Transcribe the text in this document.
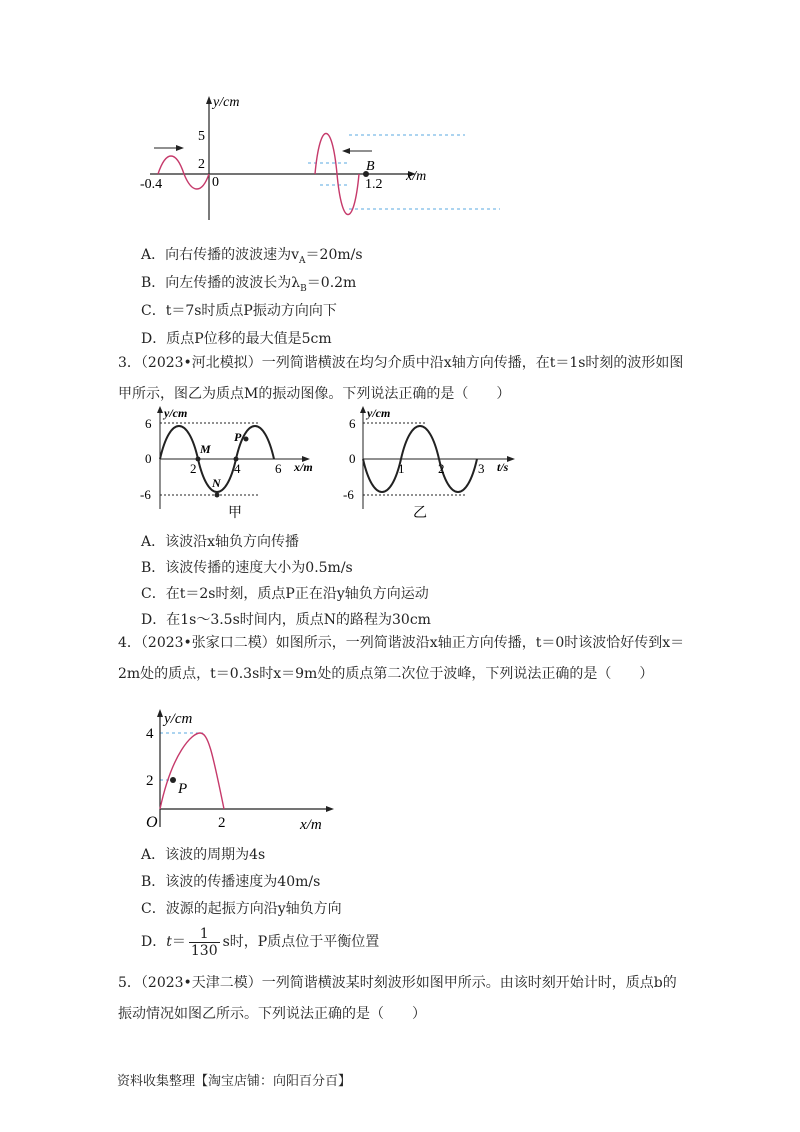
y/cm
x/m
5
2
0
-0.4	1.2
B
A．向右传播的波波速为$v_A=20m/s$
B．向左传播的波波长为$\lambda_B=0.2m$
C．t＝7s时质点P振动方向向下
D．质点P位移的最大值是5cm
3．（2023•河北模拟）一列简谐横波在均匀介质中沿x轴方向传播，在t＝1s时刻的波形如图甲所示，图乙为质点M的振动图像。下列说法正确的是（　　）
y/cm
x/m
6
0
-6
2	4	6
M
P
N
甲
y/cm
t/s
6
0
-6
1	2	3
乙
A．该波沿x轴负方向传播
B．该波传播的速度大小为0.5m/s
C．在t＝2s时刻，质点P正在沿y轴负方向运动
D．在1s～3.5s时间内，质点N的路程为30cm
4．（2023•张家口二模）如图所示，一列简谐波沿x轴正方向传播，t＝0时该波恰好传到x＝2m处的质点，t＝0.3s时x＝9m处的质点第二次位于波峰，下列说法正确的是（　　）
y/cm
x/m
4
2
O	2
P
A．该波的周期为4s
B．该波的传播速度为40m/s
C．波源的起振方向沿y轴负方向
D．$t= \frac{1}{130}$ s时，P质点位于平衡位置
5．（2023•天津二模）一列简谐横波某时刻波形如图甲所示。由该时刻开始计时，质点b的振动情况如图乙所示。下列说法正确的是（　　）
资料收集整理【淘宝店铺：向阳百分百】
